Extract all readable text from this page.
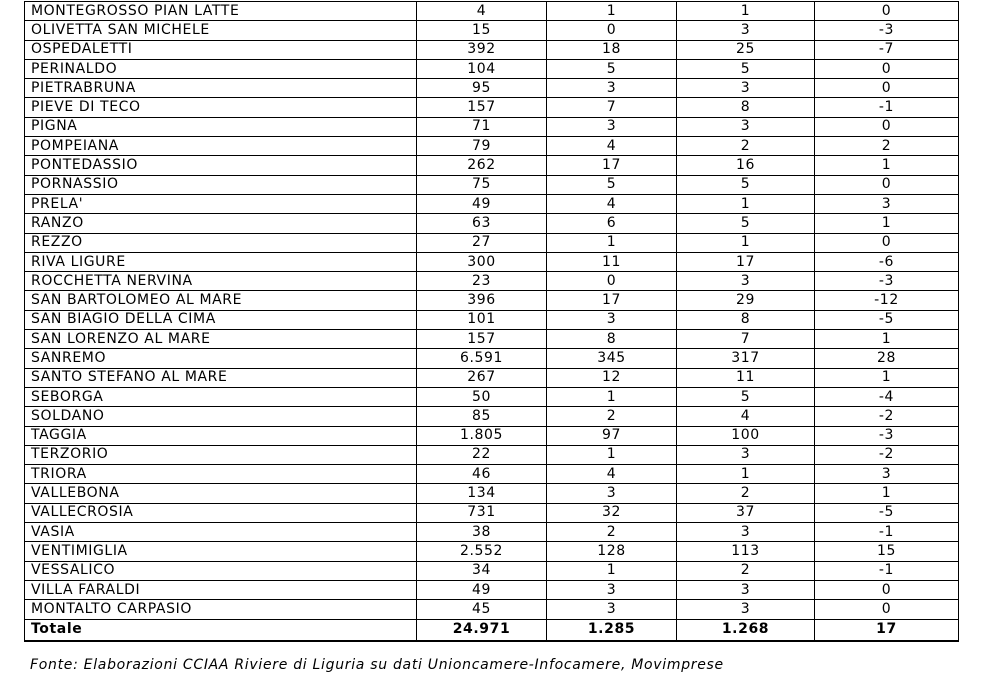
MONTEGROSSO PIAN LATTE	4	1	1	0
OLIVETTA SAN MICHELE	15	0	3	-3
OSPEDALETTI	392	18	25	-7
PERINALDO	104	5	5	0
PIETRABRUNA	95	3	3	0
PIEVE DI TECO	157	7	8	-1
PIGNA	71	3	3	0
POMPEIANA	79	4	2	2
PONTEDASSIO	262	17	16	1
PORNASSIO	75	5	5	0
PRELA'	49	4	1	3
RANZO	63	6	5	1
REZZO	27	1	1	0
RIVA LIGURE	300	11	17	-6
ROCCHETTA NERVINA	23	0	3	-3
SAN BARTOLOMEO AL MARE	396	17	29	-12
SAN BIAGIO DELLA CIMA	101	3	8	-5
SAN LORENZO AL MARE	157	8	7	1
SANREMO	6.591	345	317	28
SANTO STEFANO AL MARE	267	12	11	1
SEBORGA	50	1	5	-4
SOLDANO	85	2	4	-2
TAGGIA	1.805	97	100	-3
TERZORIO	22	1	3	-2
TRIORA	46	4	1	3
VALLEBONA	134	3	2	1
VALLECROSIA	731	32	37	-5
VASIA	38	2	3	-1
VENTIMIGLIA	2.552	128	113	15
VESSALICO	34	1	2	-1
VILLA FARALDI	49	3	3	0
MONTALTO CARPASIO	45	3	3	0
Totale	24.971	1.285	1.268	17
Fonte: Elaborazioni CCIAA Riviere di Liguria su dati Unioncamere-Infocamere, Movimprese
